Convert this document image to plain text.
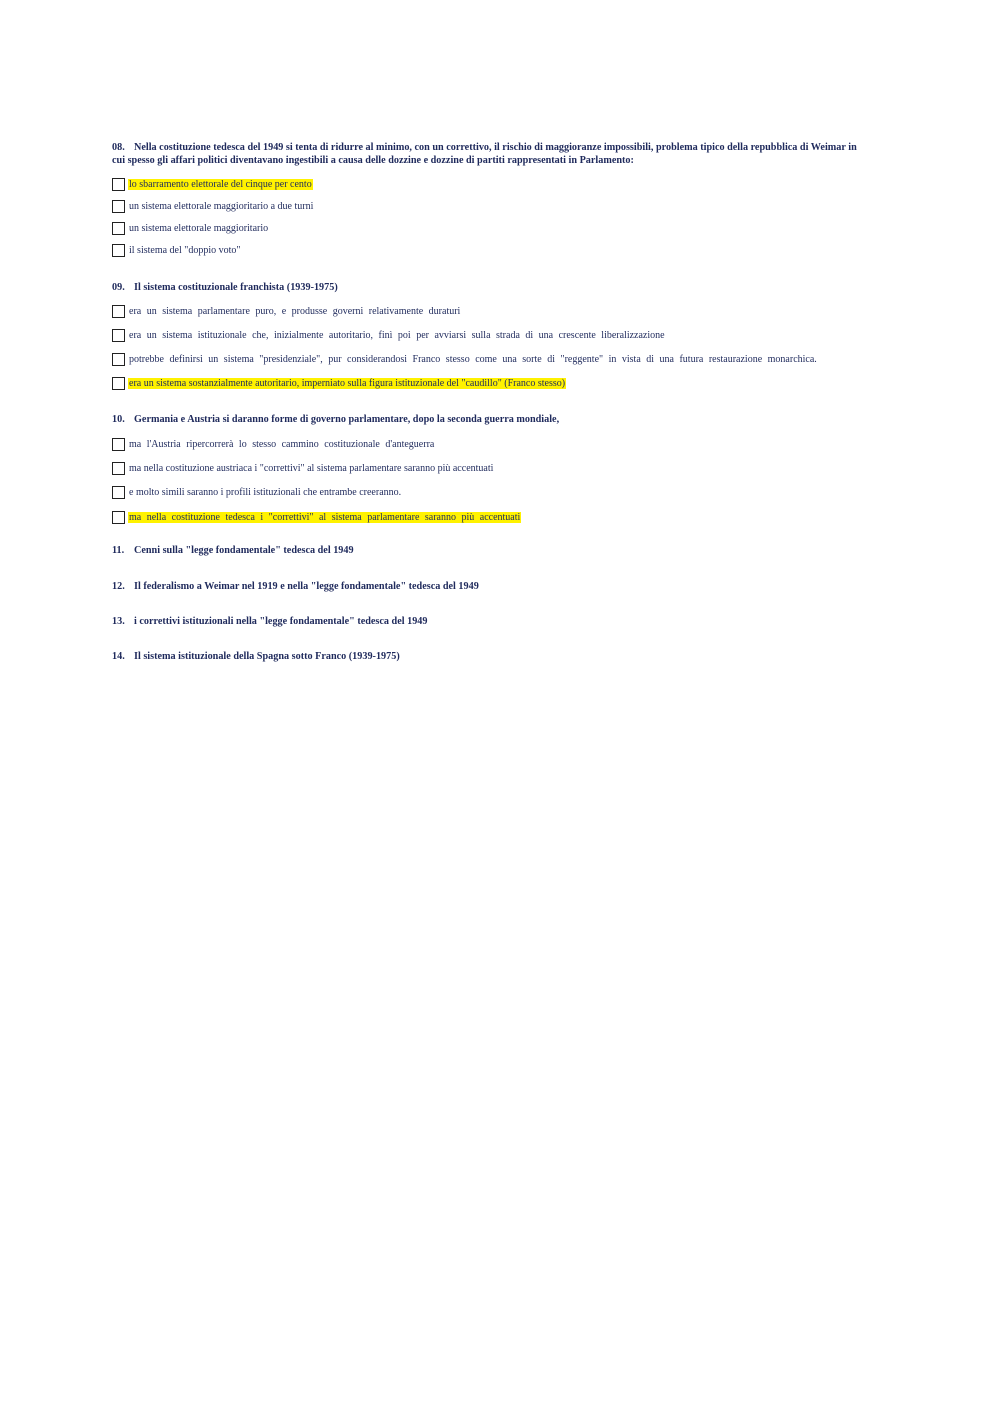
08. Nella costituzione tedesca del 1949 si tenta di ridurre al minimo, con un correttivo, il rischio di maggioranze impossibili, problema tipico della repubblica di Weimar in cui spesso gli affari politici diventavano ingestibili a causa delle dozzine e dozzine di partiti rappresentati in Parlamento:

lo sbarramento elettorale del cinque per cento
un sistema elettorale maggioritario a due turni
un sistema elettorale maggioritario
il sistema del "doppio voto"

09. Il sistema costituzionale franchista (1939-1975)

era un sistema parlamentare puro, e produsse governi relativamente duraturi
era un sistema istituzionale che, inizialmente autoritario, finì poi per avviarsi sulla strada di una crescente liberalizzazione
potrebbe definirsi un sistema "presidenziale", pur considerandosi Franco stesso come una sorte di "reggente" in vista di una futura restaurazione monarchica.
era un sistema sostanzialmente autoritario, imperniato sulla figura istituzionale del "caudillo" (Franco stesso)

10. Germania e Austria si daranno forme di governo parlamentare, dopo la seconda guerra mondiale,

ma l'Austria ripercorrerà lo stesso cammino costituzionale d'anteguerra
ma nella costituzione austriaca i "correttivi" al sistema parlamentare saranno più accentuati
e molto simili saranno i profili istituzionali che entrambe creeranno.
ma nella costituzione tedesca i "correttivi" al sistema parlamentare saranno più accentuati

11. Cenni sulla "legge fondamentale" tedesca del 1949

12. Il federalismo a Weimar nel 1919 e nella "legge fondamentale" tedesca del 1949

13. i correttivi istituzionali nella "legge fondamentale" tedesca del 1949

14. Il sistema istituzionale della Spagna sotto Franco (1939-1975)
